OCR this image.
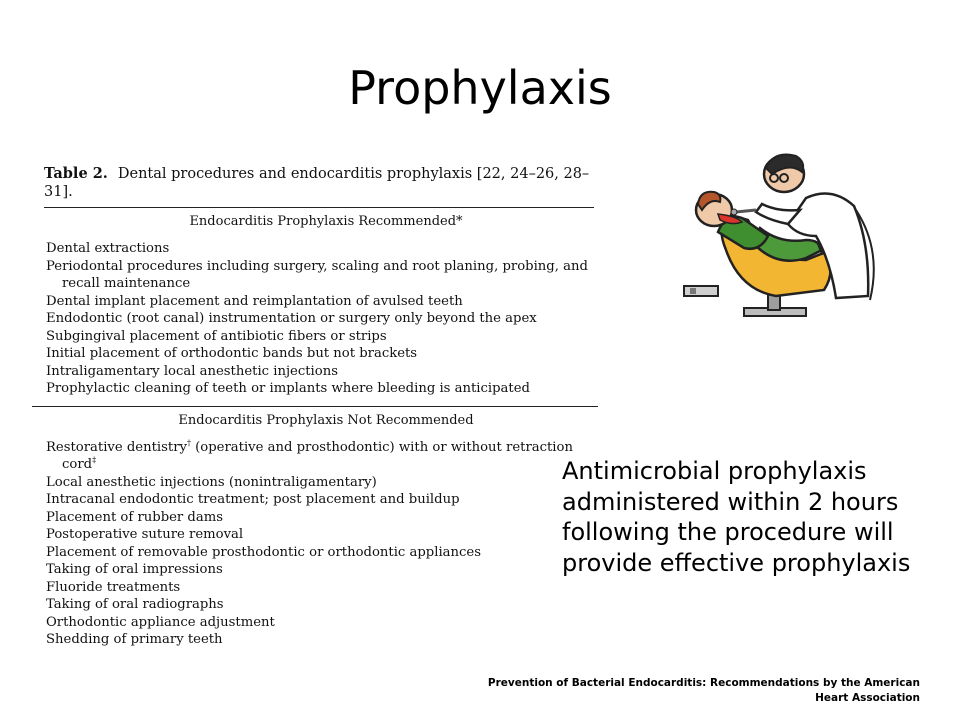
Prophylaxis
Table 2. Dental procedures and endocarditis prophylaxis [22, 24–26, 28–31].
Endocarditis Prophylaxis Recommended*
Dental extractions
Periodontal procedures including surgery, scaling and root planing, probing, and recall maintenance
Dental implant placement and reimplantation of avulsed teeth
Endodontic (root canal) instrumentation or surgery only beyond the apex
Subgingival placement of antibiotic fibers or strips
Initial placement of orthodontic bands but not brackets
Intraligamentary local anesthetic injections
Prophylactic cleaning of teeth or implants where bleeding is anticipated
Endocarditis Prophylaxis Not Recommended
Restorative dentistry† (operative and prosthodontic) with or without retraction cord‡
Local anesthetic injections (nonintraligamentary)
Intracanal endodontic treatment; post placement and buildup
Placement of rubber dams
Postoperative suture removal
Placement of removable prosthodontic or orthodontic appliances
Taking of oral impressions
Fluoride treatments
Taking of oral radiographs
Orthodontic appliance adjustment
Shedding of primary teeth
Antimicrobial prophylaxis administered within 2 hours following the procedure will provide effective prophylaxis
Prevention of Bacterial Endocarditis: Recommendations by the American Heart Association
